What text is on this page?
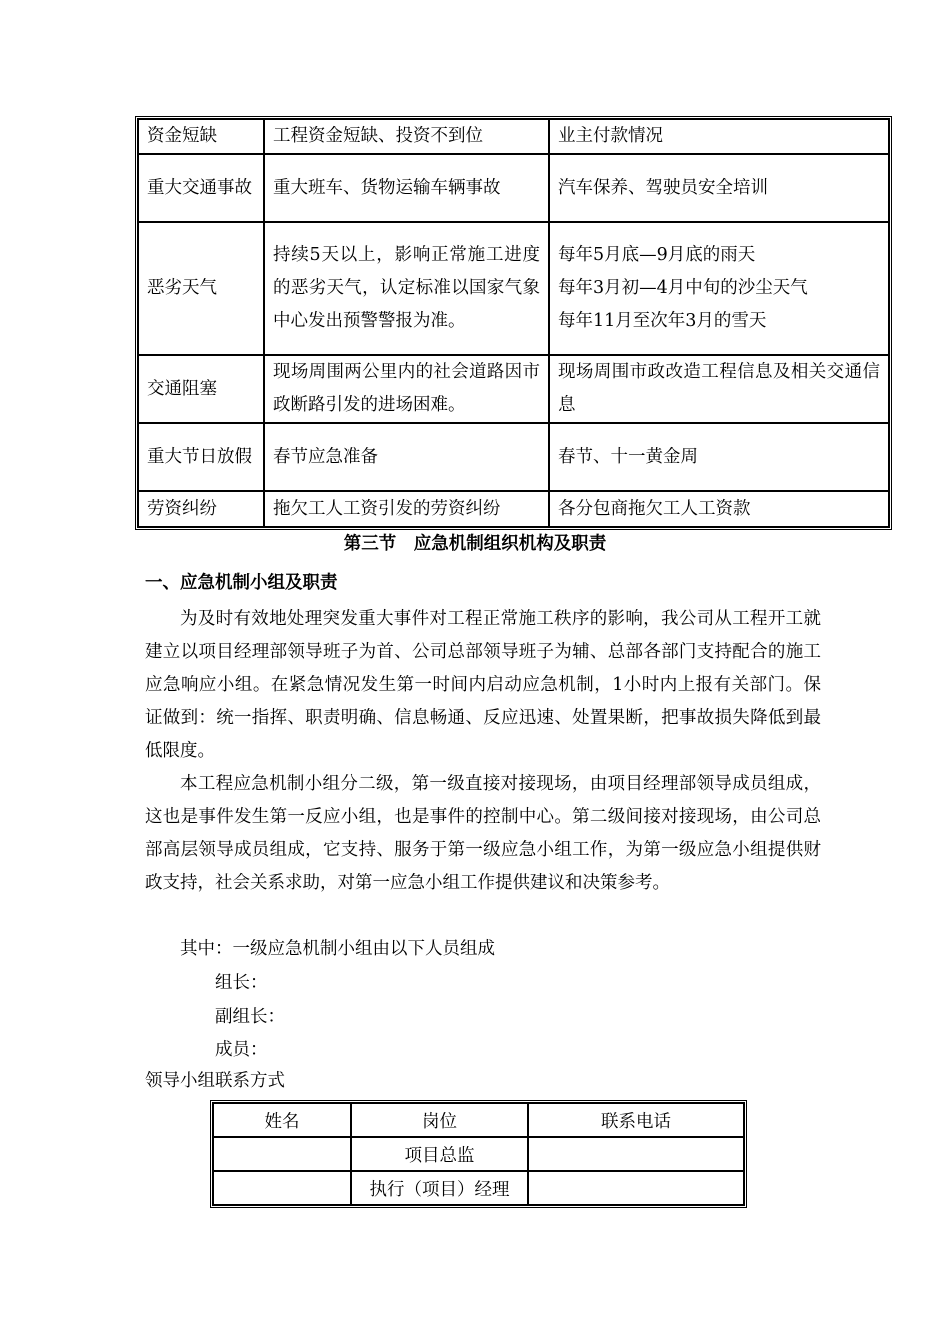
资金短缺	工程资金短缺、投资不到位	业主付款情况
重大交通事故	重大班车、货物运输车辆事故	汽车保养、驾驶员安全培训
恶劣天气	持续5天以上，影响正常施工进度的恶劣天气，认定标准以国家气象中心发出预警警报为准。	每年5月底—9月底的雨天
每年3月初—4月中旬的沙尘天气
每年11月至次年3月的雪天

交通阻塞	现场周围两公里内的社会道路因市政断路引发的进场困难。	现场周围市政改造工程信息及相关交通信息
重大节日放假	春节应急准备	春节、十一黄金周
劳资纠纷	拖欠工人工资引发的劳资纠纷	各分包商拖欠工人工资款
第三节　应急机制组织机构及职责
一、应急机制小组及职责

为及时有效地处理突发重大事件对工程正常施工秩序的影响，我公司从工程开工就建立以项目经理部领导班子为首、公司总部领导班子为辅、总部各部门支持配合的施工应急响应小组。在紧急情况发生第一时间内启动应急机制，1小时内上报有关部门。保证做到：统一指挥、职责明确、信息畅通、反应迅速、处置果断，把事故损失降低到最低限度。

本工程应急机制小组分二级，第一级直接对接现场，由项目经理部领导成员组成，这也是事件发生第一反应小组，也是事件的控制中心。第二级间接对接现场，由公司总部高层领导成员组成，它支持、服务于第一级应急小组工作，为第一级应急小组提供财政支持，社会关系求助，对第一应急小组工作提供建议和决策参考。

其中：一级应急机制小组由以下人员组成
组长：
副组长：
成员：
领导小组联系方式
姓名	岗位	联系电话
	项目总监	
	执行（项目）经理	
